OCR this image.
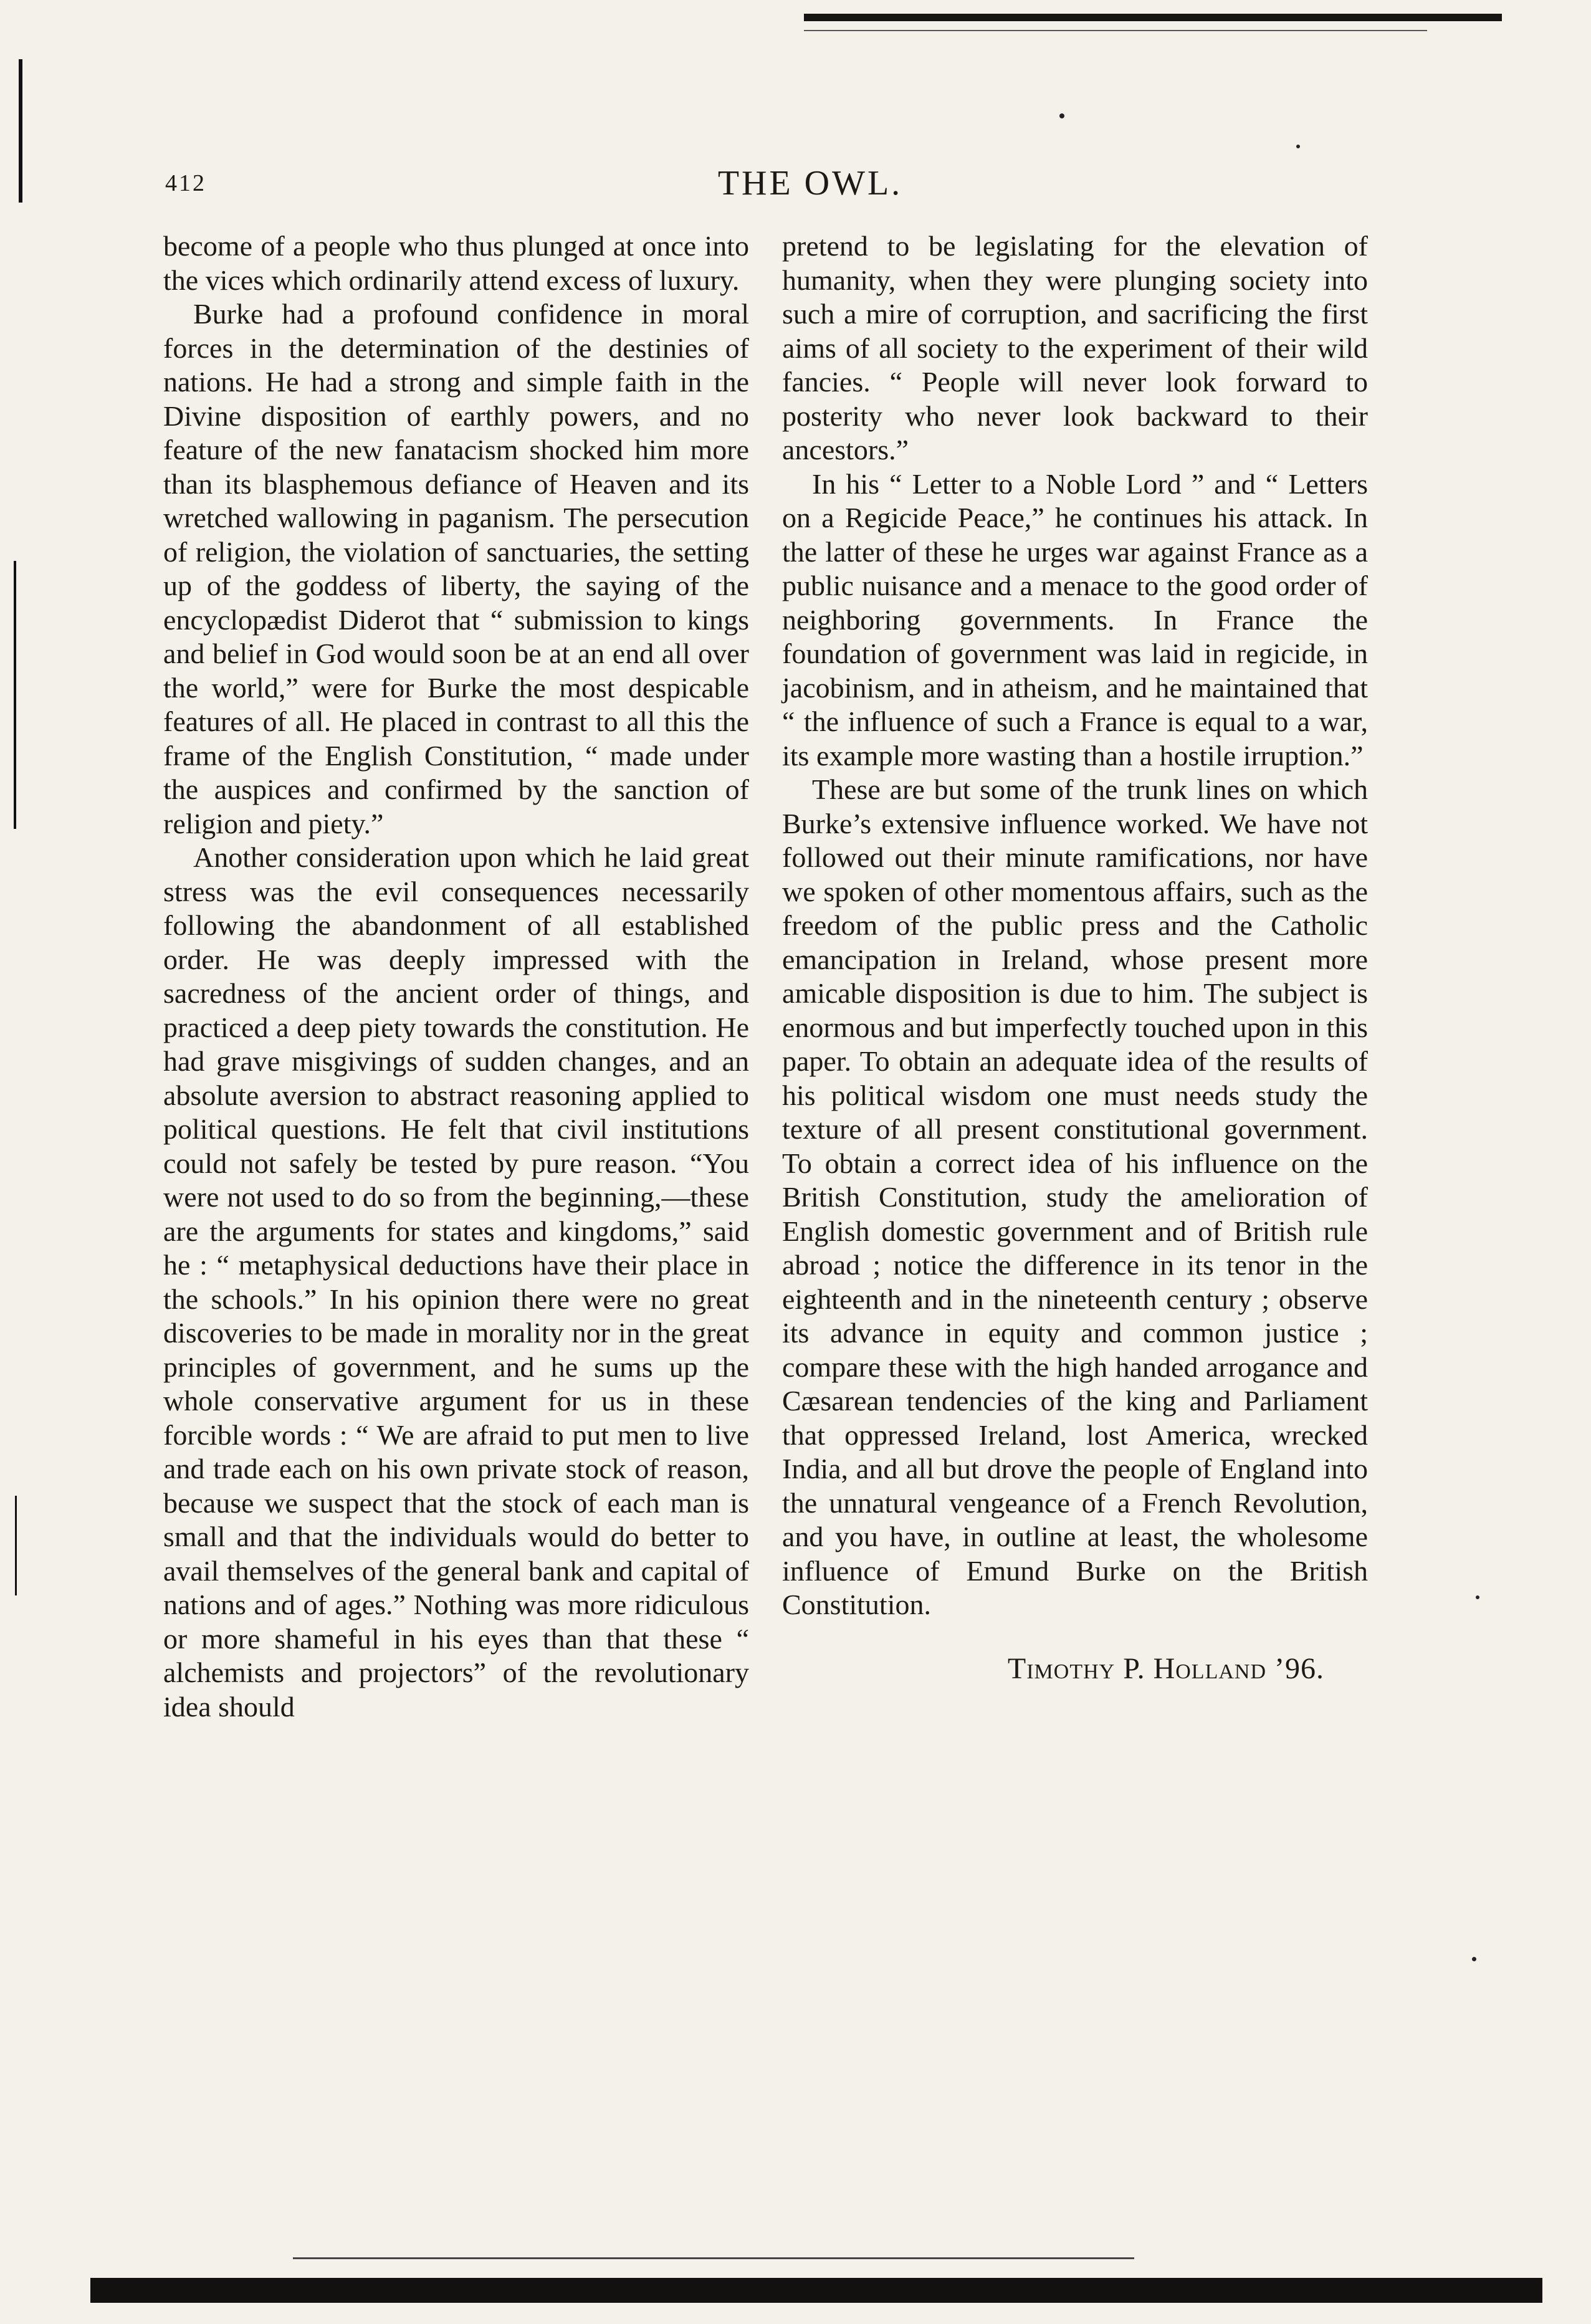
412	THE OWL.

become of a people who thus plunged at once into the vices which ordinarily attend excess of luxury.

Burke had a profound confidence in moral forces in the determination of the destinies of nations. He had a strong and simple faith in the Divine disposition of earthly powers, and no feature of the new fanatacism shocked him more than its blasphemous defiance of Heaven and its wretched wallowing in paganism. The persecution of religion, the violation of sanctuaries, the setting up of the goddess of liberty, the saying of the encyclopædist Diderot that “ submission to kings and belief in God would soon be at an end all over the world,” were for Burke the most despicable features of all. He placed in contrast to all this the frame of the English Constitution, “ made under the auspices and confirmed by the sanction of religion and piety.”

Another consideration upon which he laid great stress was the evil consequences necessarily following the abandonment of all established order. He was deeply impressed with the sacredness of the ancient order of things, and practiced a deep piety towards the constitution. He had grave misgivings of sudden changes, and an absolute aversion to abstract reasoning applied to political questions. He felt that civil institutions could not safely be tested by pure reason. “You were not used to do so from the beginning,—these are the arguments for states and kingdoms,” said he : “ metaphysical deductions have their place in the schools.” In his opinion there were no great discoveries to be made in morality nor in the great principles of government, and he sums up the whole conservative argument for us in these forcible words : “ We are afraid to put men to live and trade each on his own private stock of reason, because we suspect that the stock of each man is small and that the individuals would do better to avail themselves of the general bank and capital of nations and of ages.” Nothing was more ridiculous or more shameful in his eyes than that these “ alchemists and projectors” of the revolutionary idea should

pretend to be legislating for the elevation of humanity, when they were plunging society into such a mire of corruption, and sacrificing the first aims of all society to the experiment of their wild fancies. “ People will never look forward to posterity who never look backward to their ancestors.”

In his “ Letter to a Noble Lord ” and “ Letters on a Regicide Peace,” he continues his attack. In the latter of these he urges war against France as a public nuisance and a menace to the good order of neighboring governments. In France the foundation of government was laid in regicide, in jacobinism, and in atheism, and he maintained that “ the influence of such a France is equal to a war, its example more wasting than a hostile irruption.”

These are but some of the trunk lines on which Burke’s extensive influence worked. We have not followed out their minute ramifications, nor have we spoken of other momentous affairs, such as the freedom of the public press and the Catholic emancipation in Ireland, whose present more amicable disposition is due to him. The subject is enormous and but imperfectly touched upon in this paper. To obtain an adequate idea of the results of his political wisdom one must needs study the texture of all present constitutional government. To obtain a correct idea of his influence on the British Constitution, study the amelioration of English domestic government and of British rule abroad ; notice the difference in its tenor in the eighteenth and in the nineteenth century ; observe its advance in equity and common justice ; compare these with the high handed arrogance and Cæsarean tendencies of the king and Parliament that oppressed Ireland, lost America, wrecked India, and all but drove the people of England into the unnatural vengeance of a French Revolution, and you have, in outline at least, the wholesome influence of Emund Burke on the British Constitution.

Timothy P. Holland ’96.
